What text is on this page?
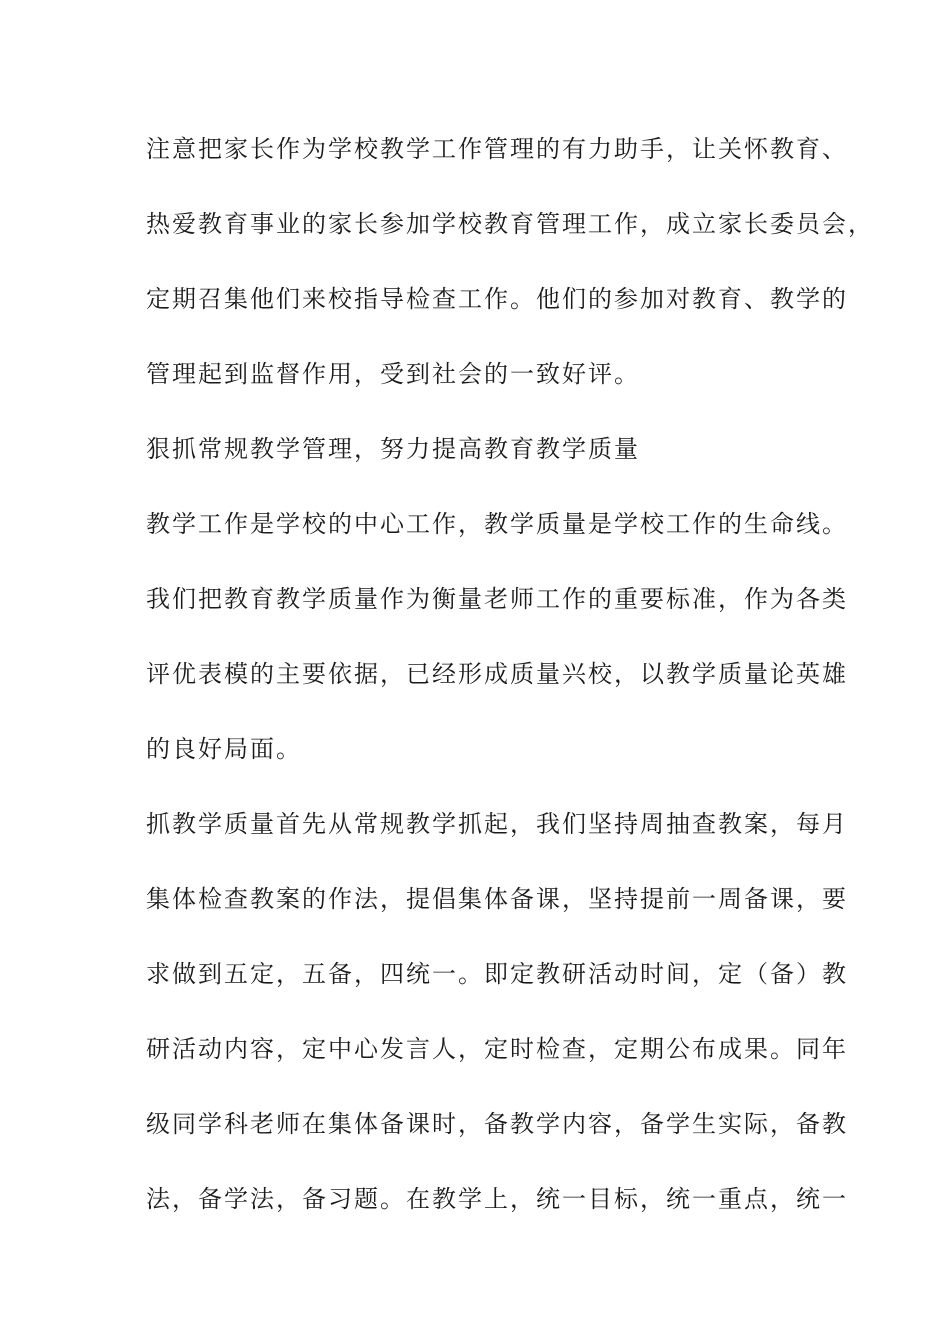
注意把家长作为学校教学工作管理的有力助手，让关怀教育、
热爱教育事业的家长参加学校教育管理工作，成立家长委员会，
定期召集他们来校指导检查工作。他们的参加对教育、教学的
管理起到监督作用，受到社会的一致好评。
狠抓常规教学管理，努力提高教育教学质量
教学工作是学校的中心工作，教学质量是学校工作的生命线。
我们把教育教学质量作为衡量老师工作的重要标准，作为各类
评优表模的主要依据，已经形成质量兴校，以教学质量论英雄
的良好局面。
抓教学质量首先从常规教学抓起，我们坚持周抽查教案，每月
集体检查教案的作法，提倡集体备课，坚持提前一周备课，要
求做到五定，五备，四统一。即定教研活动时间，定（备）教
研活动内容，定中心发言人，定时检查，定期公布成果。同年
级同学科老师在集体备课时，备教学内容，备学生实际，备教
法，备学法，备习题。在教学上，统一目标，统一重点，统一
